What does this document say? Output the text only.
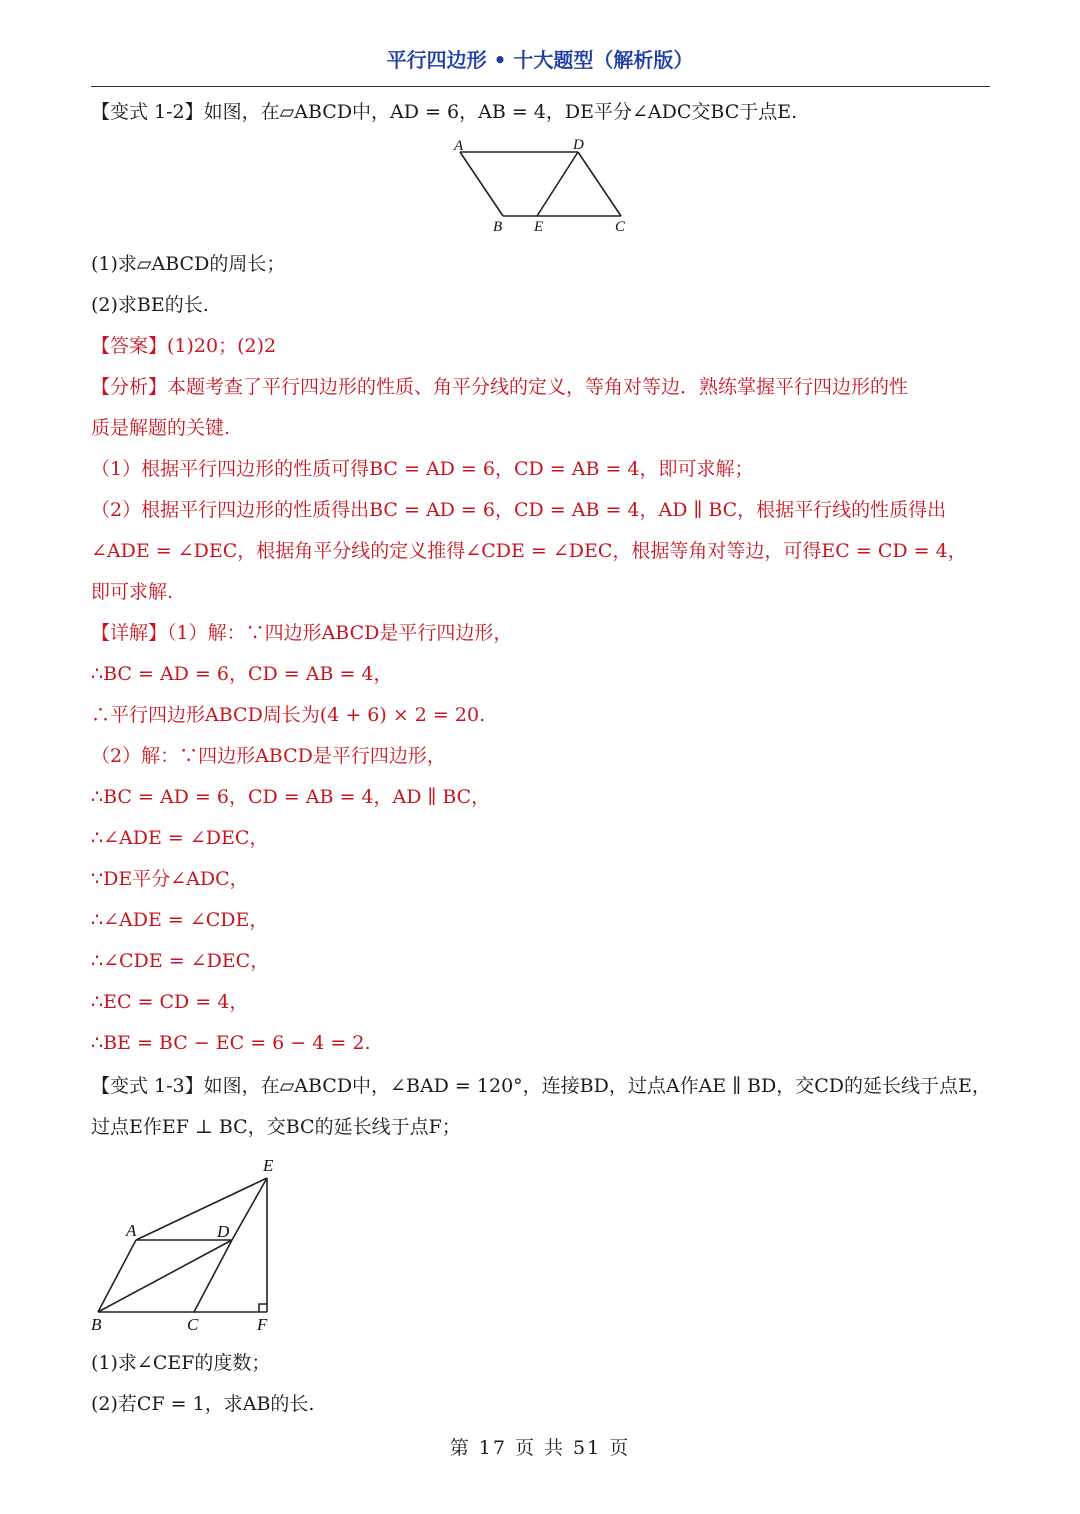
平行四边形 • 十大题型（解析版）
【变式 1-2】如图，在▱ABCD中，AD = 6，AB = 4，DE平分∠ADC交BC于点E.
A	D
B E	C
(1)求▱ABCD的周长；
(2)求BE的长.
【答案】(1)20；(2)2
【分析】本题考查了平行四边形的性质、角平分线的定义，等角对等边．熟练掌握平行四边形的性
质是解题的关键.
（1）根据平行四边形的性质可得BC = AD = 6，CD = AB = 4，即可求解；
（2）根据平行四边形的性质得出BC = AD = 6，CD = AB = 4，AD ∥ BC，根据平行线的性质得出
∠ADE = ∠DEC，根据角平分线的定义推得∠CDE = ∠DEC，根据等角对等边，可得EC = CD = 4，
即可求解.
【详解】（1）解：∵四边形ABCD是平行四边形，
∴BC = AD = 6，CD = AB = 4，
∴平行四边形ABCD周长为(4 + 6) × 2 = 20.
（2）解：∵四边形ABCD是平行四边形，
∴BC = AD = 6，CD = AB = 4，AD ∥ BC，
∴∠ADE = ∠DEC，
∵DE平分∠ADC，
∴∠ADE = ∠CDE，
∴∠CDE = ∠DEC，
∴EC = CD = 4，
∴BE = BC − EC = 6 − 4 = 2.
【变式 1-3】如图，在▱ABCD中，∠BAD = 120°，连接BD，过点A作AE ∥ BD，交CD的延长线于点E，
过点E作EF ⊥ BC，交BC的延长线于点F；
E
A	D
B	C	F
(1)求∠CEF的度数；
(2)若CF = 1，求AB的长.
第 17 页 共 51 页
